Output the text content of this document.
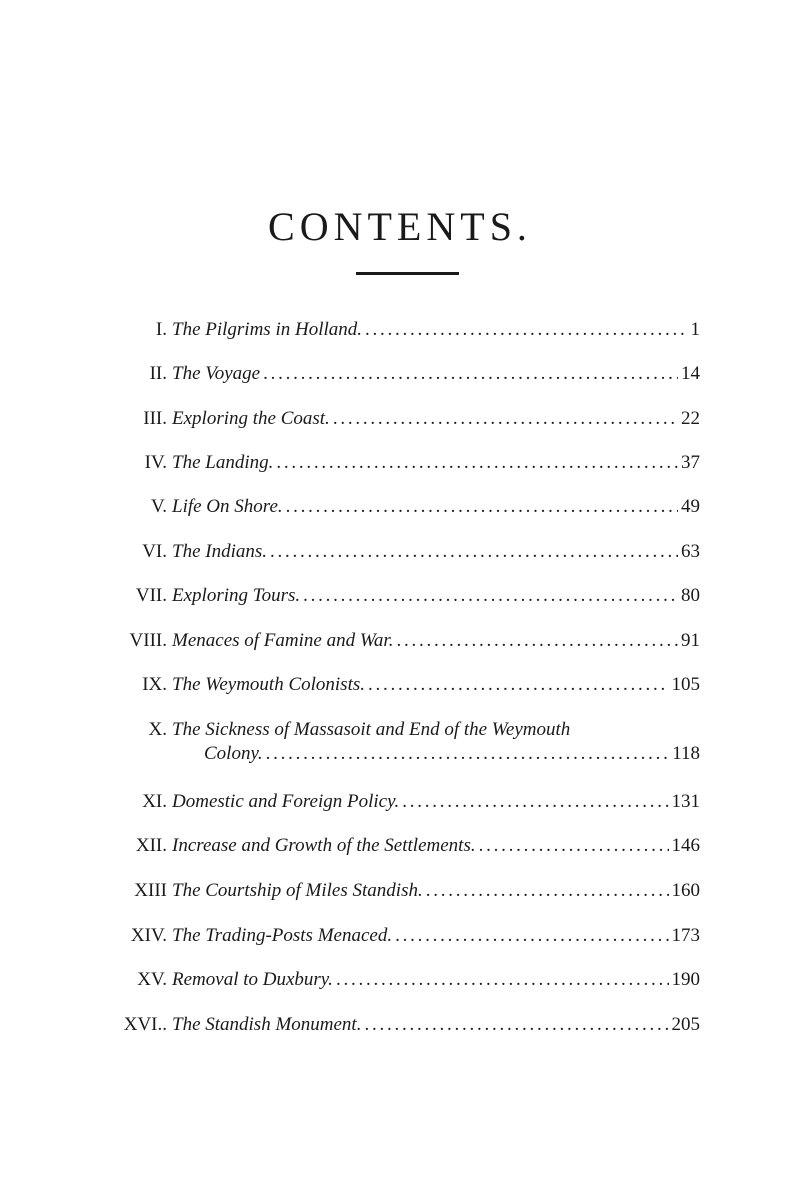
CONTENTS.
I. The Pilgrims in Holland. . . .	1
II. The Voyage . . .	14
III. Exploring the Coast. . . .	22
IV. The Landing. . . .	37
V. Life On Shore. . . .	49
VI. The Indians. . . .	63
VII. Exploring Tours. . . .	80
VIII. Menaces of Famine and War. . . .	91
IX. The Weymouth Colonists. . . .	105
X. The Sickness of Massasoit and End of the Weymouth
Colony. . . .	118
XI. Domestic and Foreign Policy. . . .	131
XII. Increase and Growth of the Settlements. . . .	146
XIII The Courtship of Miles Standish. . . .	160
XIV. The Trading-Posts Menaced. . . .	173
XV. Removal to Duxbury. . . .	190
XVI.. The Standish Monument. . . .	205
